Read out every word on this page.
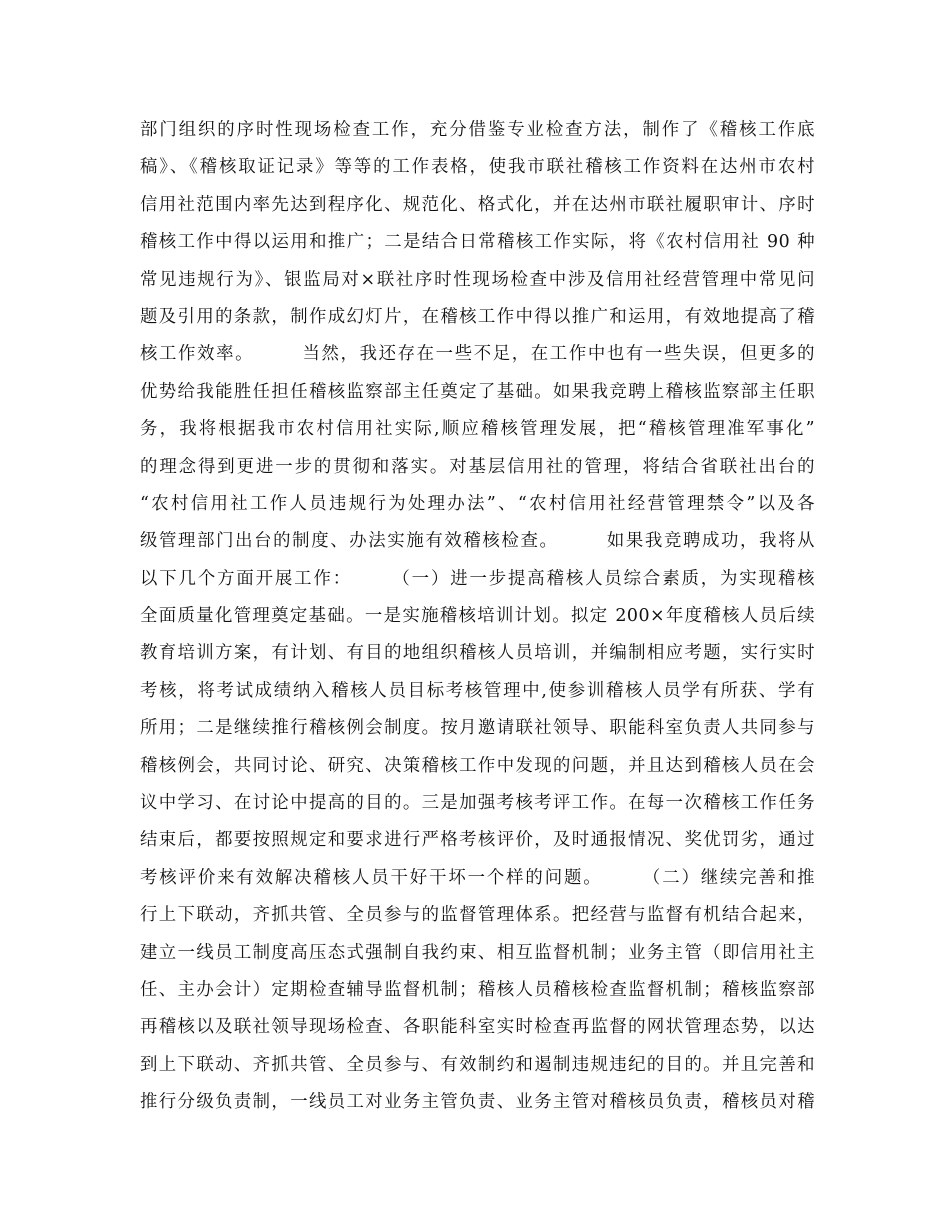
部门组织的序时性现场检查工作，充分借鉴专业检查方法，制作了《稽核工作底
稿》、《稽核取证记录》等等的工作表格，使我市联社稽核工作资料在达州市农村
信用社范围内率先达到程序化、规范化、格式化，并在达州市联社履职审计、序时
稽核工作中得以运用和推广；二是结合日常稽核工作实际，将《农村信用社 90 种
常见违规行为》、银监局对×联社序时性现场检查中涉及信用社经营管理中常见问
题及引用的条款，制作成幻灯片，在稽核工作中得以推广和运用，有效地提高了稽
核工作效率。　　　当然，我还存在一些不足，在工作中也有一些失误，但更多的
优势给我能胜任担任稽核监察部主任奠定了基础。如果我竞聘上稽核监察部主任职
务，我将根据我市农村信用社实际,顺应稽核管理发展，把“稽核管理准军事化”
的理念得到更进一步的贯彻和落实。对基层信用社的管理，将结合省联社出台的
“农村信用社工作人员违规行为处理办法”、“农村信用社经营管理禁令”以及各
级管理部门出台的制度、办法实施有效稽核检查。　　　如果我竞聘成功，我将从
以下几个方面开展工作：　　　（一）进一步提高稽核人员综合素质，为实现稽核
全面质量化管理奠定基础。一是实施稽核培训计划。拟定 200×年度稽核人员后续
教育培训方案，有计划、有目的地组织稽核人员培训，并编制相应考题，实行实时
考核，将考试成绩纳入稽核人员目标考核管理中,使参训稽核人员学有所获、学有
所用；二是继续推行稽核例会制度。按月邀请联社领导、职能科室负责人共同参与
稽核例会，共同讨论、研究、决策稽核工作中发现的问题，并且达到稽核人员在会
议中学习、在讨论中提高的目的。三是加强考核考评工作。在每一次稽核工作任务
结束后，都要按照规定和要求进行严格考核评价，及时通报情况、奖优罚劣，通过
考核评价来有效解决稽核人员干好干坏一个样的问题。　　　（二）继续完善和推
行上下联动，齐抓共管、全员参与的监督管理体系。把经营与监督有机结合起来，
建立一线员工制度高压态式强制自我约束、相互监督机制；业务主管（即信用社主
任、主办会计）定期检查辅导监督机制；稽核人员稽核检查监督机制；稽核监察部
再稽核以及联社领导现场检查、各职能科室实时检查再监督的网状管理态势，以达
到上下联动、齐抓共管、全员参与、有效制约和遏制违规违纪的目的。并且完善和
推行分级负责制，一线员工对业务主管负责、业务主管对稽核员负责，稽核员对稽
